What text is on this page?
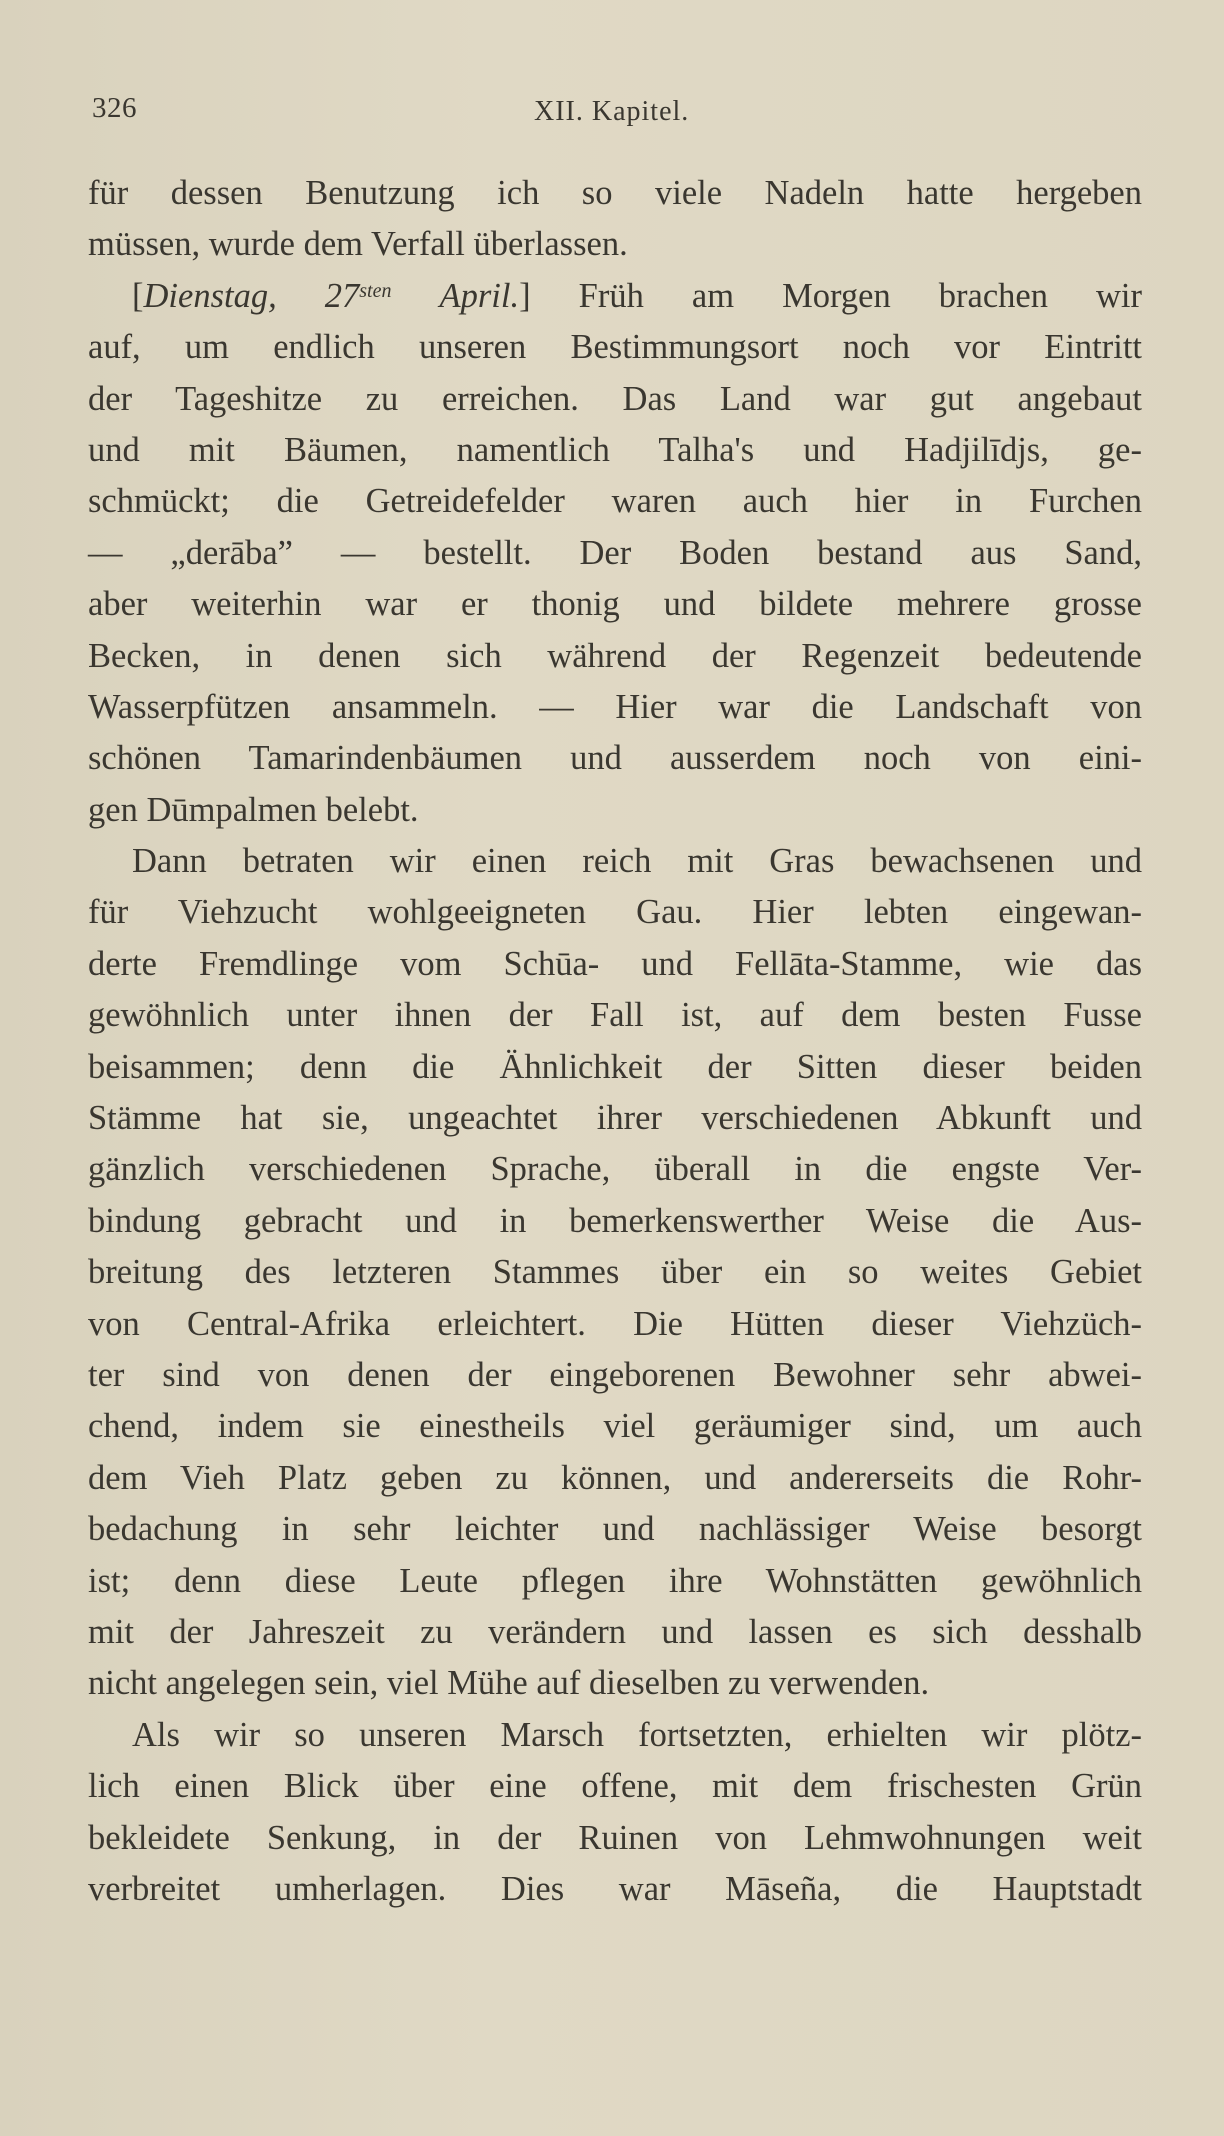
326	XII. Kapitel.
für dessen Benutzung ich so viele Nadeln hatte hergeben
müssen, wurde dem Verfall überlassen.
[Dienstag, $27^{sten}$ April.] Früh am Morgen brachen wir
auf, um endlich unseren Bestimmungsort noch vor Eintritt
der Tageshitze zu erreichen. Das Land war gut angebaut
und mit Bäumen, namentlich Talha's und Hadjilīdjs, ge-
schmückt; die Getreidefelder waren auch hier in Furchen
— „derāba” — bestellt. Der Boden bestand aus Sand,
aber weiterhin war er thonig und bildete mehrere grosse
Becken, in denen sich während der Regenzeit bedeutende
Wasserpfützen ansammeln. — Hier war die Landschaft von
schönen Tamarindenbäumen und ausserdem noch von eini-
gen Dūmpalmen belebt.
Dann betraten wir einen reich mit Gras bewachsenen und
für Viehzucht wohlgeeigneten Gau. Hier lebten eingewan-
derte Fremdlinge vom Schūa- und Fellāta-Stamme, wie das
gewöhnlich unter ihnen der Fall ist, auf dem besten Fusse
beisammen; denn die Ähnlichkeit der Sitten dieser beiden
Stämme hat sie, ungeachtet ihrer verschiedenen Abkunft und
gänzlich verschiedenen Sprache, überall in die engste Ver-
bindung gebracht und in bemerkenswerther Weise die Aus-
breitung des letzteren Stammes über ein so weites Gebiet
von Central-Afrika erleichtert. Die Hütten dieser Viehzüch-
ter sind von denen der eingeborenen Bewohner sehr abwei-
chend, indem sie einestheils viel geräumiger sind, um auch
dem Vieh Platz geben zu können, und andererseits die Rohr-
bedachung in sehr leichter und nachlässiger Weise besorgt
ist; denn diese Leute pflegen ihre Wohnstätten gewöhnlich
mit der Jahreszeit zu verändern und lassen es sich desshalb
nicht angelegen sein, viel Mühe auf dieselben zu verwenden.
Als wir so unseren Marsch fortsetzten, erhielten wir plötz-
lich einen Blick über eine offene, mit dem frischesten Grün
bekleidete Senkung, in der Ruinen von Lehmwohnungen weit
verbreitet umherlagen. Dies war Māseña, die Hauptstadt
